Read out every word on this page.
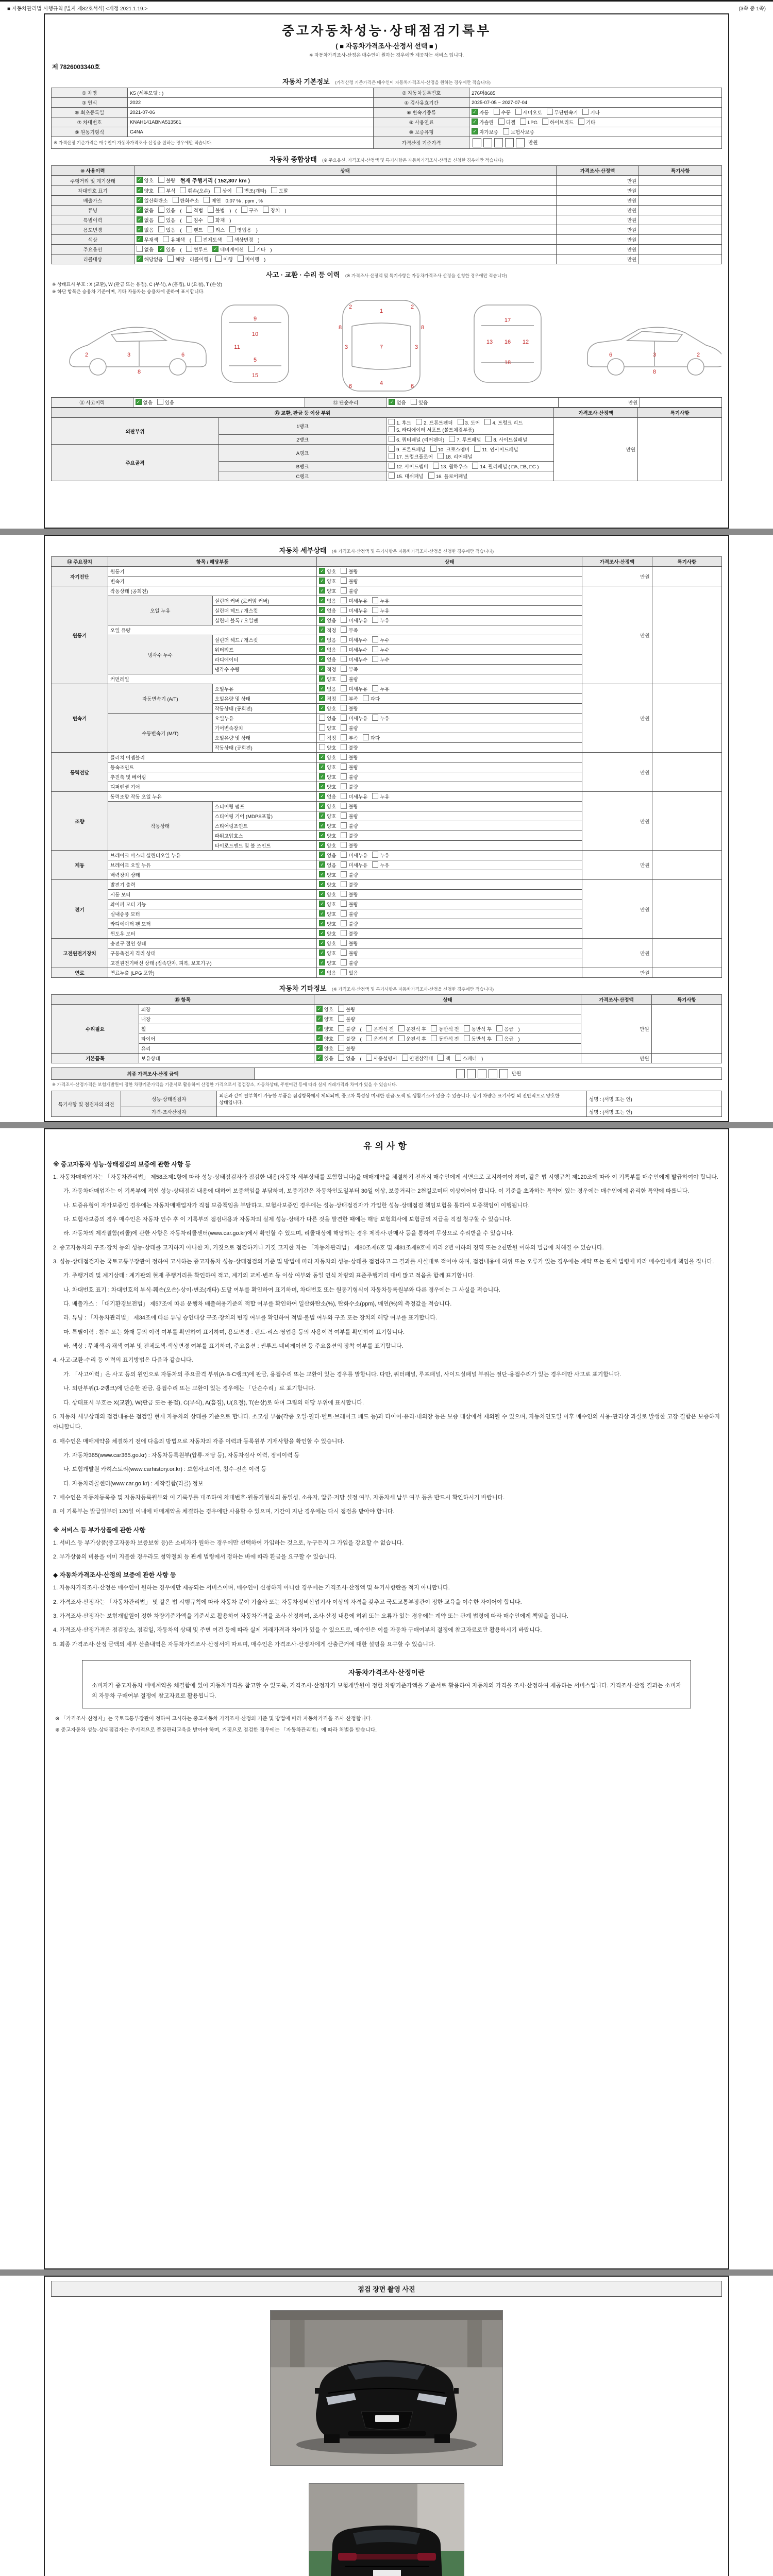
■ 자동차관리법 시행규칙 [별지 제82호서식] <개정 2021.1.19.>	(3쪽 중 1쪽)
중고자동차성능·상태점검기록부
( ■ 자동차가격조사·산정서 선택 ■ )
※ 자동차가격조사·산정은 매수인이 원하는 경우에만 제공하는 서비스 입니다.
제 7826003340호
자동차 기본정보 (가격산정 기준가격은 매수인이 자동차가격조사·산정을 원하는 경우에만 적습니다)
① 차명	K5 (세부모델 : )	② 자동차등록번호	276머8685
③ 연식	2022	④ 검사유효기간	2025-07-05 ~ 2027-07-04
⑤ 최초등록일	2021-07-06	⑥ 변속기종류	✓자동 수동 세미오토 무단변속기 기타
⑦ 차대번호	KNAH141ABNA513561	⑧ 사용연료	✓가솔린 디젤 LPG 하이브리드 기타
⑨ 원동기형식	G4NA	⑩ 보증유형	✓자가보증 보험사보증
※ 가격산정 기준가격은 매수인이 자동차가격조사·산정을 원하는 경우에만 적습니다.		가격산정 기준가격	만원
자동차 종합상태 (※ 주요옵션, 가격조사·산정액 및 특기사항은 자동차가격조사·산정을 신청한 경우에만 적습니다)
⑩ 사용이력	상태	가격조사·산정액	특기사항
주행거리 및 계기상태	✓양호 불량 현재 주행거리 ( 152,307 km )	만원	
차대번호 표기	✓양호 부식 훼손(오손) 상이 변조(개타) 도말	만원	
배출가스	✓일산화탄소 탄화수소 매연 0.07 % , ppm , %	만원	
튜닝	✓없음 있음 ( 적법 불법 ) ( 구조 장치 )	만원	
특별이력	✓없음 있음 ( 침수 화재 )	만원	
용도변경	✓없음 있음 ( 렌트 리스 영업용 )	만원	
색상	✓무채색 유채색 ( 전체도색 색상변경 )	만원	
주요옵션	없음 ✓ 있음 ( 썬루프 ✓ 네비게이션 기타 )	만원	
리콜대상	✓해당없음 해당 리콜이행 ( 이행 미이행 )	만원	
사고 · 교환 · 수리 등 이력 (※ 가격조사·산정액 및 특기사항은 자동차가격조사·산정을 신청한 경우에만 적습니다)
※ 상태표시 부호 : X (교환), W (판금 또는 용접), C (부식), A (흠집), U (요철), T (손상)
※ 하단 항목은 승용차 기준이며, 기타 자동차는 승용차에 준하여 표시합니다.
2	3	6
8
9
10
11
5
15
1
7
4
2	2
3	3
6	6
8	8
17
18
13	12
16
6	3	2
8
⑪ 사고이력	✓없음	있음	⑫ 단순수리	✓없음	있음	만원	
⑬ 교환, 판금 등 이상 부위			가격조사·산정액	특기사항
외판부위	1랭크	1. 후드 2. 프론트펜더 3. 도어 4. 트렁크 리드5. 라디에이터 서포트 (볼트체결부품)	만원	
	2랭크	6. 쿼터패널 (리어펜더) 7. 루프패널 8. 사이드실패널		
주요골격	A랭크	9. 프론트패널 10. 크로스멤버 11. 인사이드패널17. 트렁크플로어 18. 리어패널		
	B랭크	12. 사이드멤버 13. 휠하우스 14. 필러패널 ( □A, □B, □C )		
	C랭크	15. 대쉬패널 16. 플로어패널		
자동차 세부상태 (※ 가격조사·산정액 및 특기사항은 자동차가격조사·산정을 신청한 경우에만 적습니다)
⑭ 주요장치	항목 / 해당부품		상태	가격조사·산정액	특기사항
자기진단	원동기	✓양호 불량	만원	
	변속기	✓양호 불량
원동기	작동상태 (공회전)	✓양호 불량	만원	
	오일 누유	실린더 커버 (로커암 커버)	✓없음 미세누유 누유
		실린더 헤드 / 개스킷	✓없음 미세누유 누유
		실린더 블록 / 오일팬	✓없음 미세누유 누유
	오일 유량	✓적정 부족
	냉각수 누수	실린더 헤드 / 개스킷	✓없음 미세누수 누수
		워터펌프	✓없음 미세누수 누수
		라디에이터	✓없음 미세누수 누수
		냉각수 수량	✓적정 부족
	커먼레일	✓양호 불량
변속기	자동변속기 (A/T)	오일누유	✓없음 미세누유 누유	만원	
		오일유량 및 상태	✓적정 부족 과다
		작동상태 (공회전)	✓양호 불량
	수동변속기 (M/T)	오일누유	없음 미세누유 누유		
		기어변속장치	양호 불량		
		오일유량 및 상태	적정 부족 과다		
		작동상태 (공회전)	양호 불량		
동력전달	클러치 어셈블리	✓양호 불량	만원	
	등속조인트	✓양호 불량
	추진축 및 베어링	✓양호 불량
	디퍼렌셜 기어	✓양호 불량
조향	동력조향 작동 오일 누유	✓없음 미세누유 누유	만원	
	작동상태	스티어링 펌프	✓양호 불량
		스티어링 기어 (MDPS포함)	✓양호 불량
		스티어링조인트	✓양호 불량
		파워고압호스	✓양호 불량
		타이로드엔드 및 볼 조인트	✓양호 불량
제동	브레이크 마스터 실린더오일 누유	✓없음 미세누유 누유	만원	
	브레이크 오일 누유	✓없음 미세누유 누유
	배력장치 상태	✓양호 불량
전기	발전기 출력	✓양호 불량	만원	
	시동 모터	✓양호 불량
	와이퍼 모터 기능	✓양호 불량
	실내송풍 모터	✓양호 불량
	라디에이터 팬 모터	✓양호 불량
	윈도우 모터	✓양호 불량
고전원전기장치	충전구 절연 상태	✓양호 불량	만원	
	구동축전지 격리 상태	✓양호 불량
	고전원전기배선 상태 (접속단자, 피복, 보호기구)	✓양호 불량
연료	연료누출 (LPG 포함)	✓없음 있음	만원	
자동차 기타정보 (※ 가격조사·산정액 및 특기사항은 자동차가격조사·산정을 신청한 경우에만 적습니다)
⑮ 항목		상태	가격조사·산정액	특기사항
수리필요	외장	✓양호 불량	만원	
	내장	✓양호 불량
	휠	✓양호 불량 ( 운전석 전 운전석 후 동반석 전 동반석 후 응급 )
	타이어	✓양호 불량 ( 운전석 전 운전석 후 동반석 전 동반석 후 응급 )
	유리	✓양호 불량
기본품목	보유상태	✓있음 없음 ( 사용설명서 안전삼각대 잭 스패너 )	만원	
최종 가격조사·산정 금액	만원
※ 가격조사·산정가격은 보험개발원이 정한 차량기준가액을 기준서로 활용하여 산정한 가격으로서 점검장소, 자동차상태, 주변여건 등에 따라 실제 거래가격과 차이가 있을 수 있습니다.
특기사항 및 점검자의 의견	성능·상태점검자	외관과 같이 탈부착이 가능한 부품은 점검항목에서 제외되며, 중고차 특성상 미세한 판금·도색 및 생활기스가 있을 수 있습니다. 상기 차량은 표기사항 외 전반적으로 양호한 상태입니다.	성명 : (서명 또는 인)
	가격·조사산정자		성명 : (서명 또는 인)
유의사항
※ 중고자동차 성능·상태점검의 보증에 관한 사항 등
1. 자동차매매업자는 「자동차관리법」 제58조제1항에 따라 성능·상태점검자가 점검한 내용(자동차 세부상태를 포함합니다)을 매매계약을 체결하기 전까지 매수인에게 서면으로 고지하여야 하며, 같은 법 시행규칙 제120조에 따라 이 기록부를 매수인에게 발급하여야 합니다.
가. 자동차매매업자는 이 기록부에 적힌 성능·상태점검 내용에 대하여 보증책임을 부담하며, 보증기간은 자동차인도일부터 30일 이상, 보증거리는 2천킬로미터 이상이어야 합니다. 이 기준을 초과하는 특약이 있는 경우에는 매수인에게 유리한 특약에 따릅니다.
나. 보증유형이 자가보증인 경우에는 자동차매매업자가 직접 보증책임을 부담하고, 보험사보증인 경우에는 성능·상태점검자가 가입한 성능·상태점검 책임보험을 통하여 보증책임이 이행됩니다.
다. 보험사보증의 경우 매수인은 자동차 인수 후 이 기록부의 점검내용과 자동차의 실제 성능·상태가 다른 것을 발견한 때에는 해당 보험회사에 보험금의 지급을 직접 청구할 수 있습니다.
라. 자동차의 제작결함(리콜)에 관한 사항은 자동차리콜센터(www.car.go.kr)에서 확인할 수 있으며, 리콜대상에 해당하는 경우 제작사·판매사 등을 통하여 무상으로 수리받을 수 있습니다.
2. 중고자동차의 구조·장치 등의 성능·상태를 고지하지 아니한 자, 거짓으로 점검하거나 거짓 고지한 자는 「자동차관리법」 제80조제6호 및 제81조제9호에 따라 2년 이하의 징역 또는 2천만원 이하의 벌금에 처해질 수 있습니다.
3. 성능·상태점검자는 국토교통부장관이 정하여 고시하는 중고자동차 성능·상태점검의 기준 및 방법에 따라 자동차의 성능·상태를 점검하고 그 결과를 사실대로 적어야 하며, 점검내용에 허위 또는 오류가 있는 경우에는 계약 또는 관계 법령에 따라 매수인에게 책임을 집니다.
가. 주행거리 및 계기상태 : 계기판의 현재 주행거리를 확인하여 적고, 계기의 교체·변조 등 이상 여부와 동일 연식 차량의 표준주행거리 대비 많고 적음을 함께 표기합니다.
나. 차대번호 표기 : 차대번호의 부식·훼손(오손)·상이·변조(개타)·도말 여부를 확인하여 표기하며, 차대번호 또는 원동기형식이 자동차등록원부와 다른 경우에는 그 사실을 적습니다.
다. 배출가스 : 「대기환경보전법」 제57조에 따른 운행차 배출허용기준의 적합 여부를 확인하여 일산화탄소(%), 탄화수소(ppm), 매연(%)의 측정값을 적습니다.
라. 튜닝 : 「자동차관리법」 제34조에 따른 튜닝 승인대상 구조·장치의 변경 여부를 확인하여 적법·불법 여부와 구조 또는 장치의 해당 여부를 표기합니다.
마. 특별이력 : 침수 또는 화재 등의 이력 여부를 확인하여 표기하며, 용도변경 : 렌트·리스·영업용 등의 사용이력 여부를 확인하여 표기합니다.
바. 색상 : 무채색·유채색 여부 및 전체도색·색상변경 여부를 표기하며, 주요옵션 : 썬루프·네비게이션 등 주요옵션의 장착 여부를 표기합니다.
4. 사고·교환·수리 등 이력의 표기방법은 다음과 같습니다.
가. 「사고이력」은 사고 등의 원인으로 자동차의 주요골격 부위(A·B·C랭크)에 판금, 용접수리 또는 교환이 있는 경우를 말합니다. 다만, 쿼터패널, 루프패널, 사이드실패널 부위는 절단·용접수리가 있는 경우에만 사고로 표기합니다.
나. 외판부위(1·2랭크)에 단순한 판금, 용접수리 또는 교환이 있는 경우에는 「단순수리」로 표기합니다.
다. 상태표시 부호는 X(교환), W(판금 또는 용접), C(부식), A(흠집), U(요철), T(손상)로 하며 그림의 해당 부위에 표시합니다.
5. 자동차 세부상태의 점검내용은 점검일 현재 자동차의 상태를 기준으로 합니다. 소모성 부품(각종 오일·필터·벨트·브레이크 패드 등)과 타이어·유리·내외장 등은 보증 대상에서 제외될 수 있으며, 자동차인도일 이후 매수인의 사용·관리상 과실로 발생한 고장·결함은 보증하지 아니합니다.
6. 매수인은 매매계약을 체결하기 전에 다음의 방법으로 자동차의 각종 이력과 등록원부 기재사항을 확인할 수 있습니다.
가. 자동차365(www.car365.go.kr) : 자동차등록원부(압류·저당 등), 자동차검사 이력, 정비이력 등
나. 보험개발원 카히스토리(www.carhistory.or.kr) : 보험사고이력, 침수·전손 이력 등
다. 자동차리콜센터(www.car.go.kr) : 제작결함(리콜) 정보
7. 매수인은 자동차등록증 및 자동차등록원부와 이 기록부를 대조하여 차대번호·원동기형식의 동일성, 소유자, 압류·저당 설정 여부, 자동차세 납부 여부 등을 반드시 확인하시기 바랍니다.
8. 이 기록부는 발급일부터 120일 이내에 매매계약을 체결하는 경우에만 사용할 수 있으며, 기간이 지난 경우에는 다시 점검을 받아야 합니다.
※ 서비스 등 부가상품에 관한 사항
1. 서비스 등 부가상품(중고자동차 보증보험 등)은 소비자가 원하는 경우에만 선택하여 가입하는 것으로, 누구든지 그 가입을 강요할 수 없습니다.
2. 부가상품의 비용을 이미 지불한 경우라도 청약철회 등 관계 법령에서 정하는 바에 따라 환급을 요구할 수 있습니다.
◆ 자동차가격조사·산정의 보증에 관한 사항 등
1. 자동차가격조사·산정은 매수인이 원하는 경우에만 제공되는 서비스이며, 매수인이 신청하지 아니한 경우에는 가격조사·산정액 및 특기사항란을 적지 아니합니다.
2. 가격조사·산정자는 「자동차관리법」 및 같은 법 시행규칙에 따라 자동차 분야 기술사 또는 자동차정비산업기사 이상의 자격을 갖추고 국토교통부장관이 정한 교육을 이수한 자이어야 합니다.
3. 가격조사·산정자는 보험개발원이 정한 차량기준가액을 기준서로 활용하여 자동차가격을 조사·산정하며, 조사·산정 내용에 허위 또는 오류가 있는 경우에는 계약 또는 관계 법령에 따라 매수인에게 책임을 집니다.
4. 가격조사·산정가격은 점검장소, 점검일, 자동차의 상태 및 주변 여건 등에 따라 실제 거래가격과 차이가 있을 수 있으므로, 매수인은 이를 자동차 구매여부의 결정에 참고자료로만 활용하시기 바랍니다.
5. 최종 가격조사·산정 금액의 세부 산출내역은 자동차가격조사·산정서에 따르며, 매수인은 가격조사·산정자에게 산출근거에 대한 설명을 요구할 수 있습니다.
자동차가격조사·산정이란
소비자가 중고자동차 매매계약을 체결함에 있어 자동차가격을 참고할 수 있도록, 가격조사·산정자가 보험개발원이 정한 차량기준가액을 기준서로 활용하여 자동차의 가격을 조사·산정하여 제공하는 서비스입니다. 가격조사·산정 결과는 소비자의 자동차 구매여부 결정에 참고자료로 활용됩니다.
※ 「가격조사·산정자」는 국토교통부장관이 정하여 고시하는 중고자동차 가격조사·산정의 기준 및 방법에 따라 자동차가격을 조사·산정합니다.
※ 중고자동차 성능·상태점검자는 주기적으로 품질관리교육을 받아야 하며, 거짓으로 점검한 경우에는 「자동차관리법」에 따라 처벌을 받습니다.
점검 장면 촬영 사진
